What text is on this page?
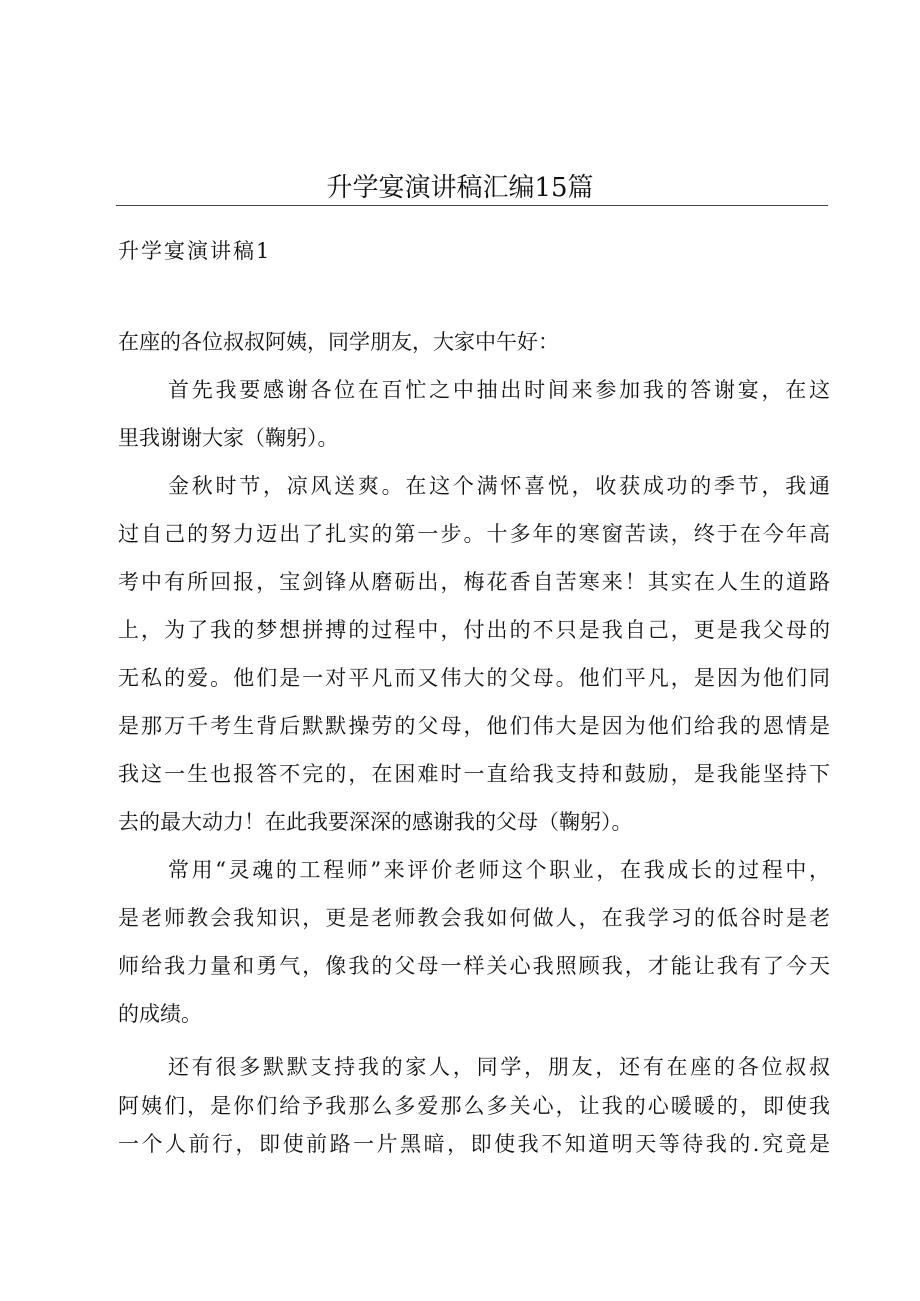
升学宴演讲稿汇编15篇
升学宴演讲稿1
在座的各位叔叔阿姨，同学朋友，大家中午好：
首先我要感谢各位在百忙之中抽出时间来参加我的答谢宴，在这
里我谢谢大家（鞠躬）。
金秋时节，凉风送爽。在这个满怀喜悦，收获成功的季节，我通
过自己的努力迈出了扎实的第一步。十多年的寒窗苦读，终于在今年高
考中有所回报，宝剑锋从磨砺出，梅花香自苦寒来！其实在人生的道路
上，为了我的梦想拼搏的过程中，付出的不只是我自己，更是我父母的
无私的爱。他们是一对平凡而又伟大的父母。他们平凡，是因为他们同
是那万千考生背后默默操劳的父母，他们伟大是因为他们给我的恩情是
我这一生也报答不完的，在困难时一直给我支持和鼓励，是我能坚持下
去的最大动力！在此我要深深的感谢我的父母（鞠躬）。
常用“灵魂的工程师”来评价老师这个职业，在我成长的过程中，
是老师教会我知识，更是老师教会我如何做人，在我学习的低谷时是老
师给我力量和勇气，像我的父母一样关心我照顾我，才能让我有了今天
的成绩。
还有很多默默支持我的家人，同学，朋友，还有在座的各位叔叔
阿姨们，是你们给予我那么多爱那么多关心，让我的心暖暖的，即使我
一个人前行，即使前路一片黑暗，即使我不知道明天等待我的.究竟是
